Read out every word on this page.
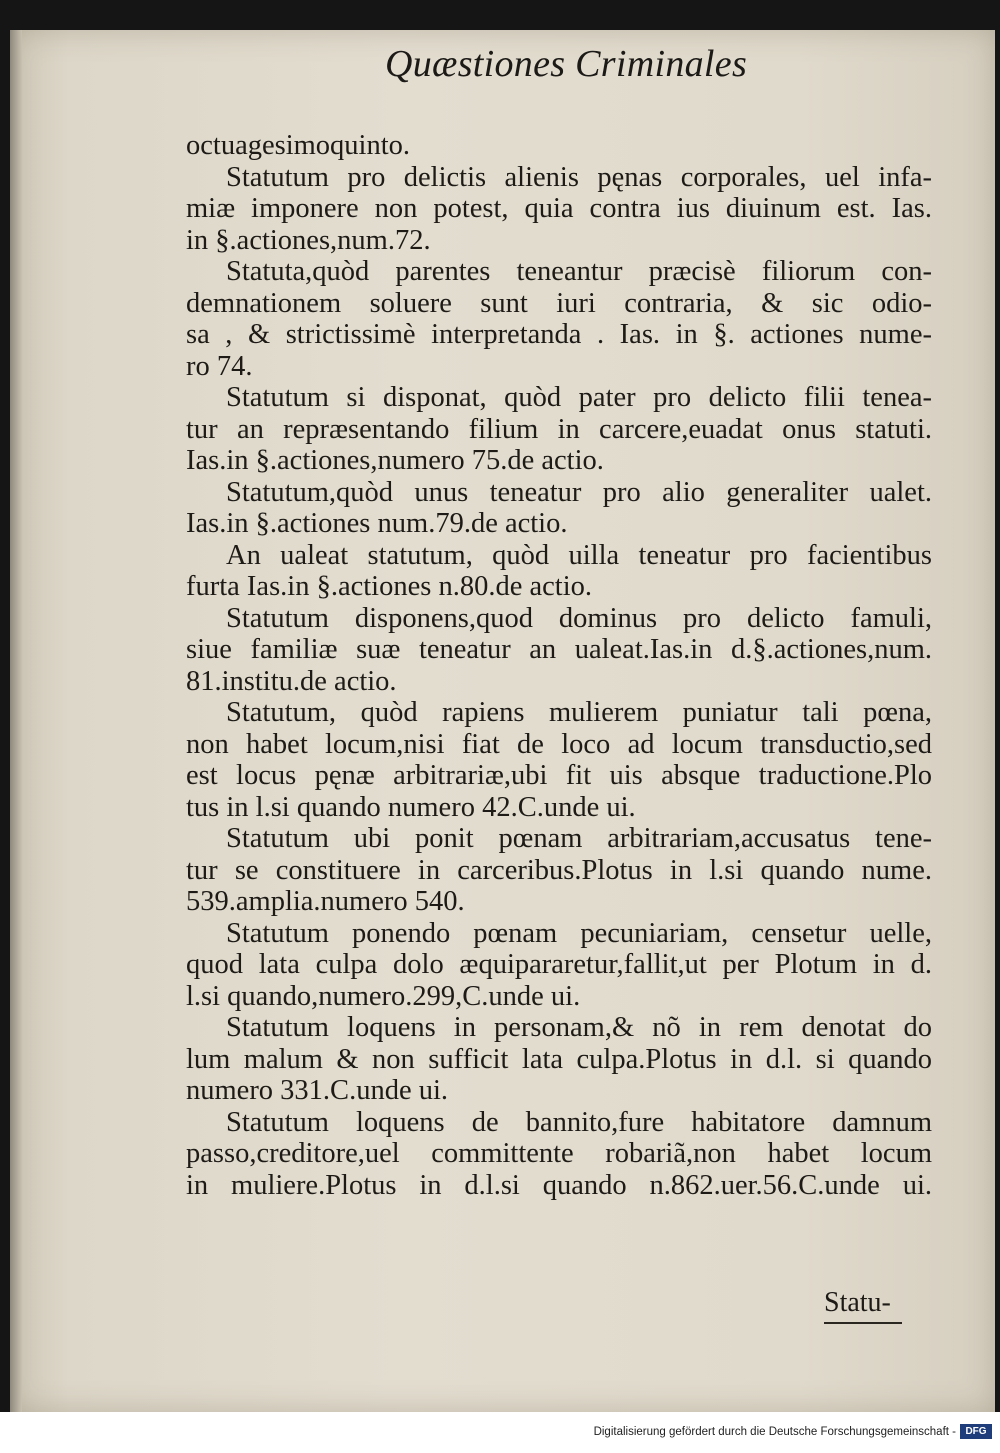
Quæstiones Criminales
octuagesimoquinto.
Statutum pro delictis alienis pęnas corporales, uel infa-
miæ imponere non potest, quia contra ius diuinum est. Ias.
in §.actiones,num.72.
Statuta,quòd parentes teneantur præcisè filiorum con-
demnationem soluere sunt iuri contraria, & sic odio-
sa , & strictissimè interpretanda . Ias. in §. actiones nume-
ro 74.
Statutum si disponat, quòd pater pro delicto filii tenea-
tur an repræsentando filium in carcere,euadat onus statuti.
Ias.in §.actiones,numero 75.de actio.
Statutum,quòd unus teneatur pro alio generaliter ualet.
Ias.in §.actiones num.79.de actio.
An ualeat statutum, quòd uilla teneatur pro facientibus
furta Ias.in §.actiones n.80.de actio.
Statutum disponens,quod dominus pro delicto famuli,
siue familiæ suæ teneatur an ualeat.Ias.in d.§.actiones,num.
81.institu.de actio.
Statutum, quòd rapiens mulierem puniatur tali pœna,
non habet locum,nisi fiat de loco ad locum transductio,sed
est locus pęnæ arbitrariæ,ubi fit uis absque traductione.Plo
tus in l.si quando numero 42.C.unde ui.
Statutum ubi ponit pœnam arbitrariam,accusatus tene-
tur se constituere in carceribus.Plotus in l.si quando nume.
539.amplia.numero 540.
Statutum ponendo pœnam pecuniariam, censetur uelle,
quod lata culpa dolo æquipararetur,fallit,ut per Plotum in d.
l.si quando,numero.299,C.unde ui.
Statutum loquens in personam,& nõ in rem denotat do
lum malum & non sufficit lata culpa.Plotus in d.l. si quando
numero 331.C.unde ui.
Statutum loquens de bannito,fure habitatore damnum
passo,creditore,uel committente robariã,non habet locum
in muliere.Plotus in d.l.si quando n.862.uer.56.C.unde ui.
Statu-
Digitalisierung gefördert durch die Deutsche Forschungsgemeinschaft - DFG
